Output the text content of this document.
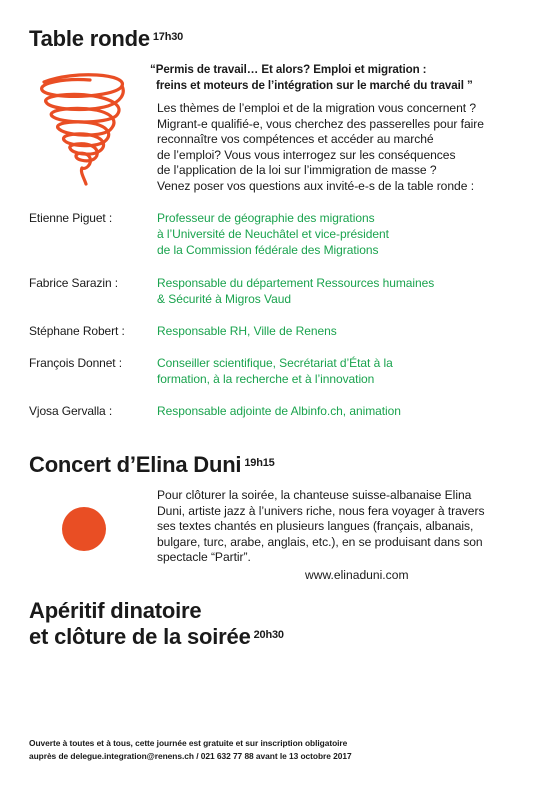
Table ronde $^{17h30}$
“Permis de travail… Et alors? Emploi et migration :
freins et moteurs de l’intégration sur le marché du travail ”
Les thèmes de l’emploi et de la migration vous concernent ?
Migrant-e qualifié-e, vous cherchez des passerelles pour faire
reconnaître vos compétences et accéder au marché
de l’emploi? Vous vous interrogez sur les conséquences
de l’application de la loi sur l’immigration de masse ?
Venez poser vos questions aux invité-e-s de la table ronde :
Etienne Piguet :	Professeur de géographie des migrations
à l’Université de Neuchâtel et vice-président
de la Commission fédérale des Migrations
Fabrice Sarazin :	Responsable du département Ressources humaines
& Sécurité à Migros Vaud
Stéphane Robert :	Responsable RH, Ville de Renens
François Donnet :	Conseiller scientifique, Secrétariat d’État à la
formation, à la recherche et à l’innovation
Vjosa Gervalla :	Responsable adjointe de Albinfo.ch, animation
Concert d’Elina Duni $^{19h15}$
Pour clôturer la soirée, la chanteuse suisse-albanaise Elina
Duni, artiste jazz à l’univers riche, nous fera voyager à travers
ses textes chantés en plusieurs langues (français, albanais,
bulgare, turc, arabe, anglais, etc.), en se produisant dans son
spectacle “Partir”.
www.elinaduni.com
Apéritif dinatoire
et clôture de la soirée $^{20h30}$
Ouverte à toutes et à tous, cette journée est gratuite et sur inscription obligatoire
auprès de delegue.integration@renens.ch / 021 632 77 88 avant le 13 octobre 2017
